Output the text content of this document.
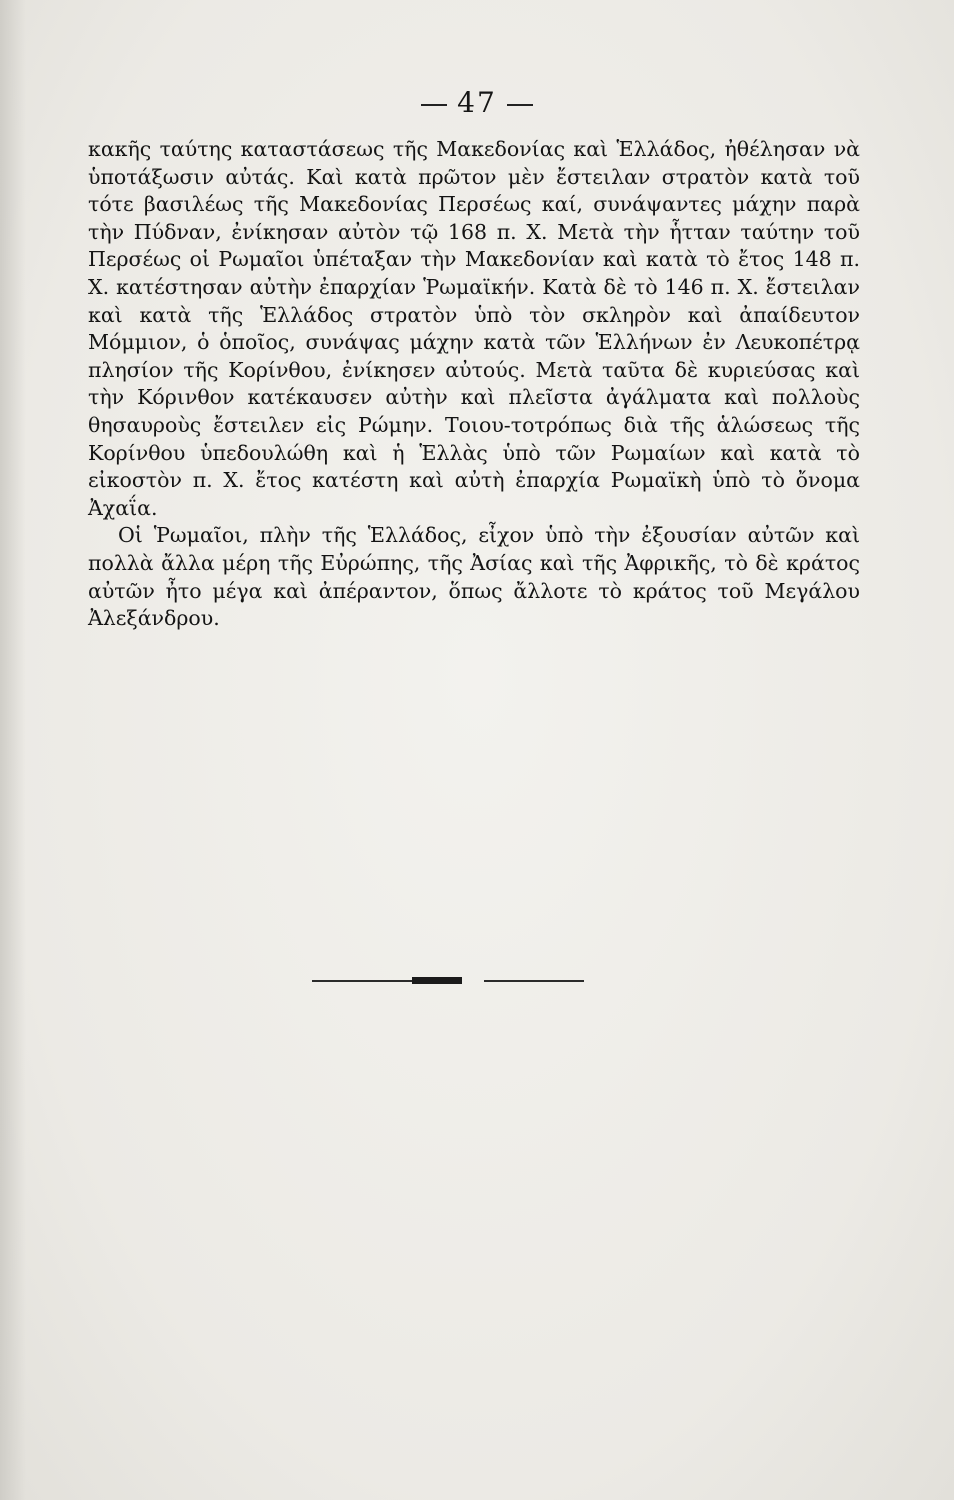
47

κακῆς ταύτης καταστάσεως τῆς Μακεδονίας καὶ Ἑλλάδος, ἠθέλησαν νὰ ὑποτάξωσιν αὐτάς. Καὶ κατὰ πρῶτον μὲν ἔστειλαν στρατὸν κατὰ τοῦ τότε βασιλέως τῆς Μακεδονίας Περσέως καί, συνάψαντες μάχην παρὰ τὴν Πύδναν, ἐνίκησαν αὐτὸν τῷ 168 π. Χ. Μετὰ τὴν ἧτταν ταύτην τοῦ Περσέως οἱ Ρωμαῖοι ὑπέταξαν τὴν Μακεδονίαν καὶ κατὰ τὸ ἔτος 148 π. Χ. κατέστησαν αὐτὴν ἐπαρχίαν Ῥωμαϊκήν. Κατὰ δὲ τὸ 146 π. Χ. ἔστειλαν καὶ κατὰ τῆς Ἑλλάδος στρατὸν ὑπὸ τὸν σκληρὸν καὶ ἀπαίδευτον Μόμμιον, ὁ ὁποῖος, συνάψας μάχην κατὰ τῶν Ἑλλήνων ἐν Λευκοπέτρᾳ πλησίον τῆς Κορίνθου, ἐνίκησεν αὐτούς. Μετὰ ταῦτα δὲ κυριεύσας καὶ τὴν Κόρινθον κατέκαυσεν αὐτὴν καὶ πλεῖστα ἀγάλματα καὶ πολλοὺς θησαυροὺς ἔστειλεν εἰς Ρώμην. Τοιου-τοτρόπως διὰ τῆς ἁλώσεως τῆς Κορίνθου ὑπεδουλώθη καὶ ἡ Ἑλλὰς ὑπὸ τῶν Ρωμαίων καὶ κατὰ τὸ εἰκοστὸν π. Χ. ἔτος κατέστη καὶ αὐτὴ ἐπαρχία Ρωμαϊκὴ ὑπὸ τὸ ὄνομα Ἀχαΐα.

Οἱ Ῥωμαῖοι, πλὴν τῆς Ἑλλάδος, εἶχον ὑπὸ τὴν ἐξουσίαν αὐτῶν καὶ πολλὰ ἄλλα μέρη τῆς Εὐρώπης, τῆς Ἀσίας καὶ τῆς Ἀφρικῆς, τὸ δὲ κράτος αὐτῶν ἦτο μέγα καὶ ἀπέραντον, ὅπως ἄλλοτε τὸ κράτος τοῦ Μεγάλου Ἀλεξάνδρου.
